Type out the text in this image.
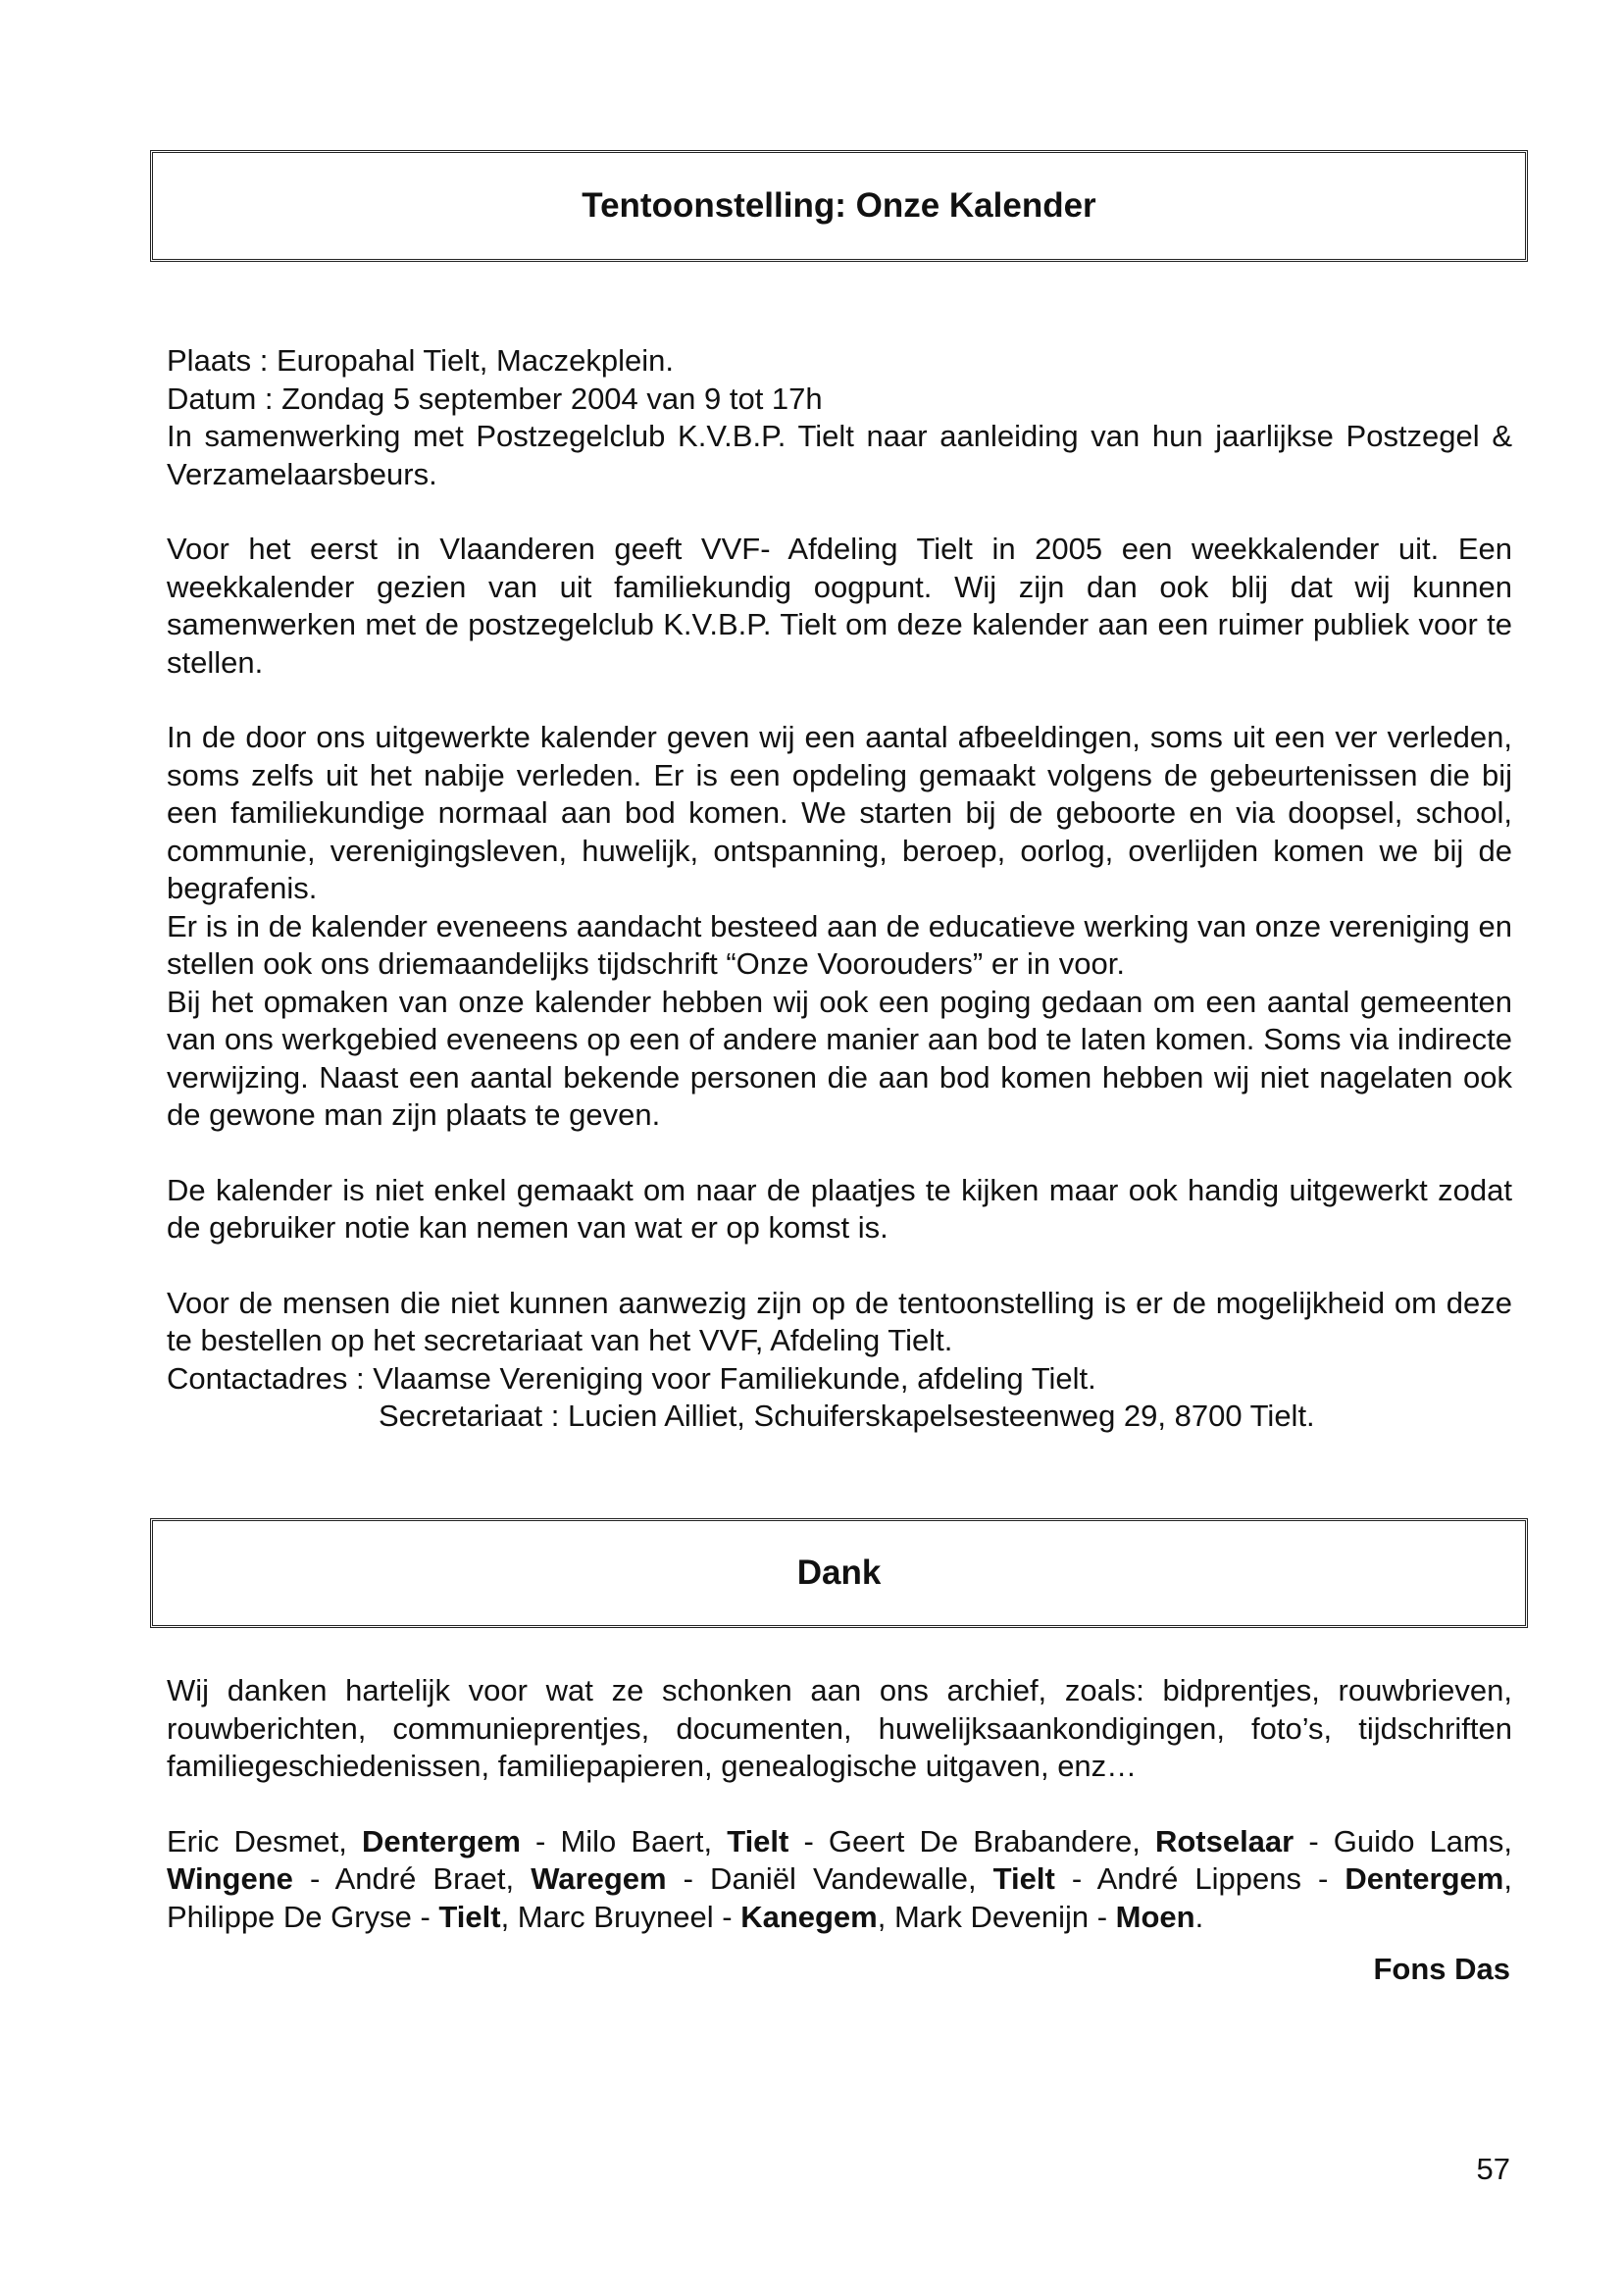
Tentoonstelling: Onze Kalender

Plaats : Europahal Tielt, Maczekplein.

Datum : Zondag 5 september 2004 van 9 tot 17h

In samenwerking met Postzegelclub K.V.B.P. Tielt naar aanleiding van hun jaarlijkse Postzegel & Verzamelaarsbeurs.

Voor het eerst in Vlaanderen geeft VVF- Afdeling Tielt in 2005 een weekkalender uit. Een weekkalender gezien van uit familiekundig oogpunt. Wij zijn dan ook blij dat wij kunnen samenwerken met de postzegelclub K.V.B.P. Tielt om deze kalender aan een ruimer publiek voor te stellen.

In de door ons uitgewerkte kalender geven wij een aantal afbeeldingen, soms uit een ver verleden, soms zelfs uit het nabije verleden. Er is een opdeling gemaakt volgens de gebeurtenissen die bij een familiekundige normaal aan bod komen. We starten bij de geboorte en via doopsel, school, communie, verenigingsleven, huwelijk, ontspanning, beroep, oorlog, overlijden komen we bij de begrafenis.

Er is in de kalender eveneens aandacht besteed aan de educatieve werking van onze vereniging en stellen ook ons driemaandelijks tijdschrift “Onze Voorouders” er in voor.

Bij het opmaken van onze kalender hebben wij ook een poging gedaan om een aantal gemeenten van ons werkgebied eveneens op een of andere manier aan bod te laten komen. Soms via indirecte verwijzing. Naast een aantal bekende personen die aan bod komen hebben wij niet nagelaten ook de gewone man zijn plaats te geven.

De kalender is niet enkel gemaakt om naar de plaatjes te kijken maar ook handig uitgewerkt zodat de gebruiker notie kan nemen van wat er op komst is.

Voor de mensen die niet kunnen aanwezig zijn op de tentoonstelling is er de mogelijkheid om deze te bestellen op het secretariaat van het VVF, Afdeling Tielt.

Contactadres : Vlaamse Vereniging voor Familiekunde, afdeling Tielt.

Secretariaat : Lucien Ailliet, Schuiferskapelsesteenweg 29, 8700 Tielt.

Dank

Wij danken hartelijk voor wat ze schonken aan ons archief, zoals: bidprentjes, rouwbrieven, rouwberichten, communieprentjes, documenten, huwelijksaankondigingen, foto’s, tijdschriften familiegeschiedenissen, familiepapieren, genealogische uitgaven, enz…

Eric Desmet, Dentergem - Milo Baert, Tielt - Geert De Brabandere, Rotselaar - Guido Lams, Wingene - André Braet, Waregem - Daniël Vandewalle, Tielt - André Lippens - Dentergem, Philippe De Gryse - Tielt, Marc Bruyneel - Kanegem, Mark Devenijn - Moen.

Fons Das
57
